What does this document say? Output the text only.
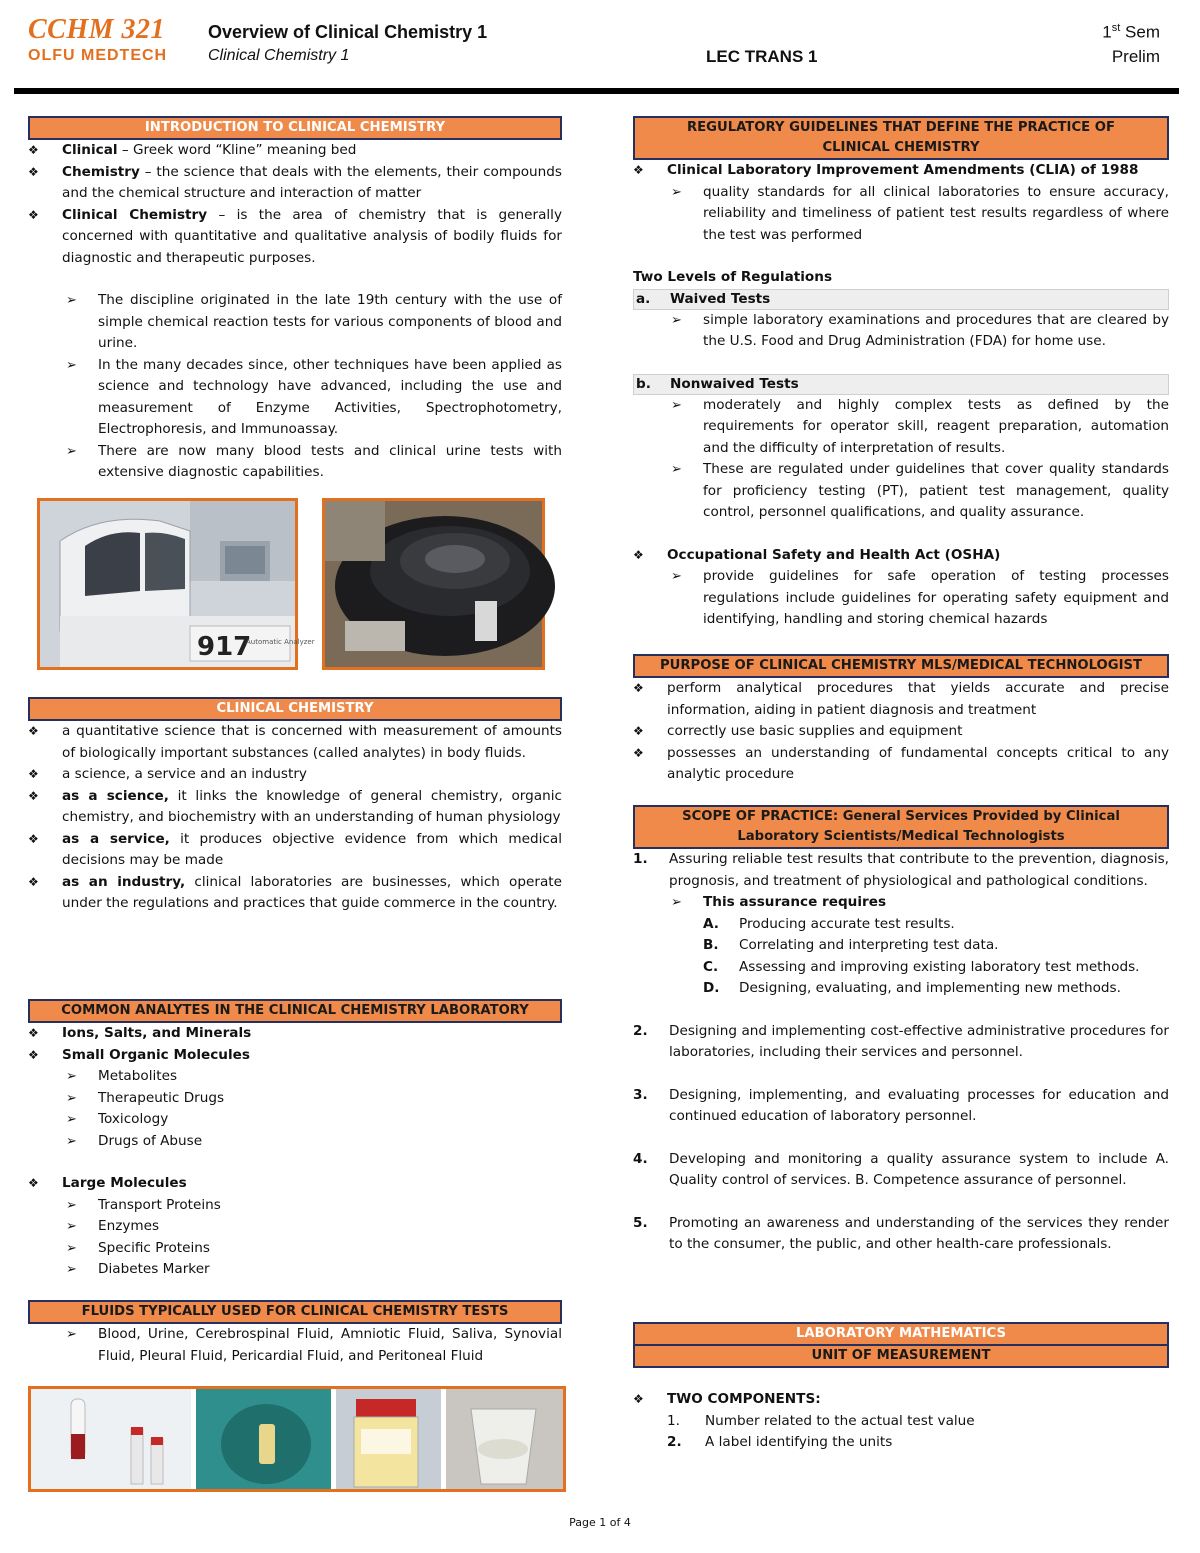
CCHM 321
OLFU MEDTECH
Overview of Clinical Chemistry 1
Clinical Chemistry 1	LEC TRANS 1
1st Sem
Prelim
INTRODUCTION TO CLINICAL CHEMISTRY
❖ Clinical – Greek word “Kline” meaning bed
❖ Chemistry – the science that deals with the elements, their compounds and the chemical structure and interaction of matter
❖ Clinical Chemistry – is the area of chemistry that is generally concerned with quantitative and qualitative analysis of bodily fluids for diagnostic and therapeutic purposes.
➢ The discipline originated in the late 19th century with the use of simple chemical reaction tests for various components of blood and urine.
➢ In the many decades since, other techniques have been applied as science and technology have advanced, including the use and measurement of Enzyme Activities, Spectrophotometry, Electrophoresis, and Immunoassay.
➢ There are now many blood tests and clinical urine tests with extensive diagnostic capabilities.
917
Automatic Analyzer
CLINICAL CHEMISTRY
❖ a quantitative science that is concerned with measurement of amounts of biologically important substances (called analytes) in body fluids.
❖ a science, a service and an industry
❖ as a science, it links the knowledge of general chemistry, organic chemistry, and biochemistry with an understanding of human physiology
❖ as a service, it produces objective evidence from which medical decisions may be made
❖ as an industry, clinical laboratories are businesses, which operate under the regulations and practices that guide commerce in the country.
COMMON ANALYTES IN THE CLINICAL CHEMISTRY LABORATORY
❖ Ions, Salts, and Minerals
❖ Small Organic Molecules
➢ Metabolites
➢ Therapeutic Drugs
➢ Toxicology
➢ Drugs of Abuse
❖ Large Molecules
➢ Transport Proteins
➢ Enzymes
➢ Specific Proteins
➢ Diabetes Marker
FLUIDS TYPICALLY USED FOR CLINICAL CHEMISTRY TESTS
➢ Blood, Urine, Cerebrospinal Fluid, Amniotic Fluid, Saliva, Synovial Fluid, Pleural Fluid, Pericardial Fluid, and Peritoneal Fluid
REGULATORY GUIDELINES THAT DEFINE THE PRACTICE OF CLINICAL CHEMISTRY
❖ Clinical Laboratory Improvement Amendments (CLIA) of 1988
➢ quality standards for all clinical laboratories to ensure accuracy, reliability and timeliness of patient test results regardless of where the test was performed
Two Levels of Regulations
a. Waived Tests
➢ simple laboratory examinations and procedures that are cleared by the U.S. Food and Drug Administration (FDA) for home use.
b. Nonwaived Tests
➢ moderately and highly complex tests as defined by the requirements for operator skill, reagent preparation, automation and the difficulty of interpretation of results.
➢ These are regulated under guidelines that cover quality standards for proficiency testing (PT), patient test management, quality control, personnel qualifications, and quality assurance.
❖ Occupational Safety and Health Act (OSHA)
➢ provide guidelines for safe operation of testing processes regulations include guidelines for operating safety equipment and identifying, handling and storing chemical hazards
PURPOSE OF CLINICAL CHEMISTRY MLS/MEDICAL TECHNOLOGIST
❖ perform analytical procedures that yields accurate and precise information, aiding in patient diagnosis and treatment
❖ correctly use basic supplies and equipment
❖ possesses an understanding of fundamental concepts critical to any analytic procedure
SCOPE OF PRACTICE: General Services Provided by Clinical Laboratory Scientists/Medical Technologists
1. Assuring reliable test results that contribute to the prevention, diagnosis, prognosis, and treatment of physiological and pathological conditions.
➢ This assurance requires
A. Producing accurate test results.
B. Correlating and interpreting test data.
C. Assessing and improving existing laboratory test methods.
D. Designing, evaluating, and implementing new methods.
2. Designing and implementing cost-effective administrative procedures for laboratories, including their services and personnel.
3. Designing, implementing, and evaluating processes for education and continued education of laboratory personnel.
4. Developing and monitoring a quality assurance system to include A. Quality control of services. B. Competence assurance of personnel.
5. Promoting an awareness and understanding of the services they render to the consumer, the public, and other health-care professionals.
LABORATORY MATHEMATICS
UNIT OF MEASUREMENT
❖ TWO COMPONENTS:
1. Number related to the actual test value
2. A label identifying the units
Page 1 of 4
